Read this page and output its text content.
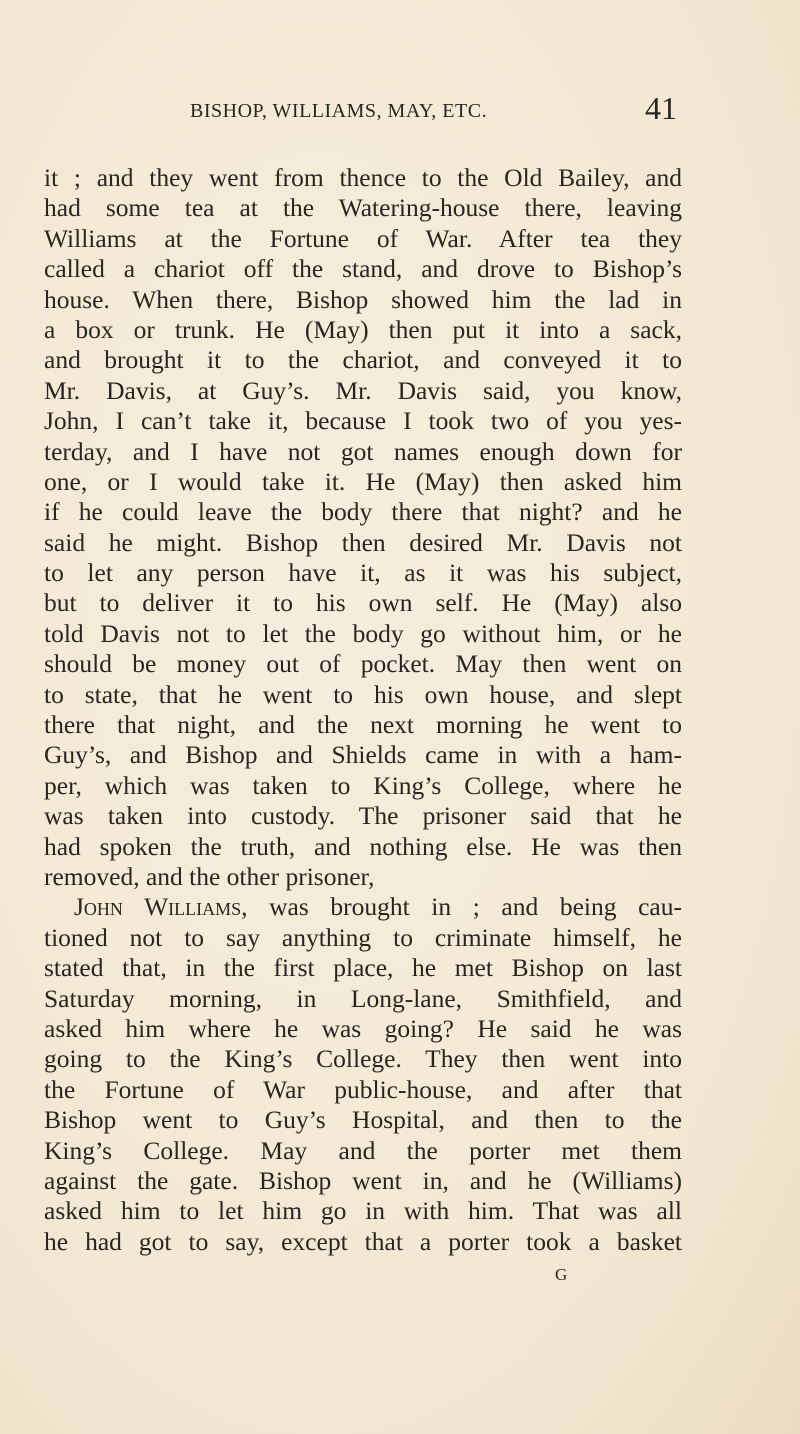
BISHOP, WILLIAMS, MAY, ETC.	41
it ; and they went from thence to the Old Bailey, and
had some tea at the Watering-house there, leaving
Williams at the Fortune of War. After tea they
called a chariot off the stand, and drove to Bishop’s
house. When there, Bishop showed him the lad in
a box or trunk. He (May) then put it into a sack,
and brought it to the chariot, and conveyed it to
Mr. Davis, at Guy’s. Mr. Davis said, you know,
John, I can’t take it, because I took two of you yes-
terday, and I have not got names enough down for
one, or I would take it. He (May) then asked him
if he could leave the body there that night? and he
said he might. Bishop then desired Mr. Davis not
to let any person have it, as it was his subject,
but to deliver it to his own self. He (May) also
told Davis not to let the body go without him, or he
should be money out of pocket. May then went on
to state, that he went to his own house, and slept
there that night, and the next morning he went to
Guy’s, and Bishop and Shields came in with a ham-
per, which was taken to King’s College, where he
was taken into custody. The prisoner said that he
had spoken the truth, and nothing else. He was then
removed, and the other prisoner,
John Williams, was brought in ; and being cau-
tioned not to say anything to criminate himself, he
stated that, in the first place, he met Bishop on last
Saturday morning, in Long-lane, Smithfield, and
asked him where he was going? He said he was
going to the King’s College. They then went into
the Fortune of War public-house, and after that
Bishop went to Guy’s Hospital, and then to the
King’s College. May and the porter met them
against the gate. Bishop went in, and he (Williams)
asked him to let him go in with him. That was all
he had got to say, except that a porter took a basket
G
